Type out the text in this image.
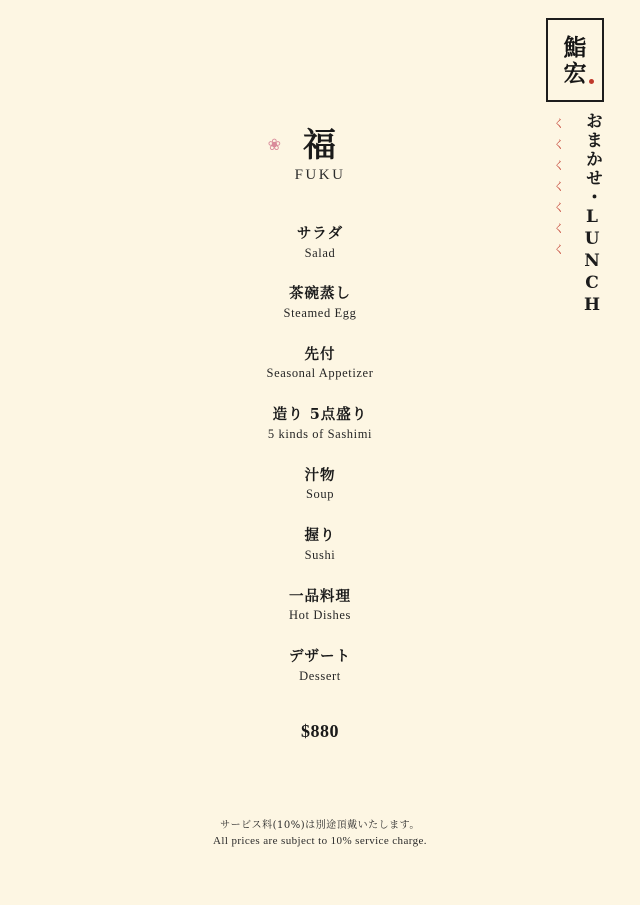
鮨
宏
く
く
く
く
く
く
く	おまかせ・LUNCH
❀ 福
FUKU
サラダ
Salad
茶碗蒸し
Steamed Egg
先付
Seasonal Appetizer
造り 5点盛り
5 kinds of Sashimi
汁物
Soup
握り
Sushi
一品料理
Hot Dishes
デザート
Dessert
$880
サービス料(10%)は別途頂戴いたします。
All prices are subject to 10% service charge.
